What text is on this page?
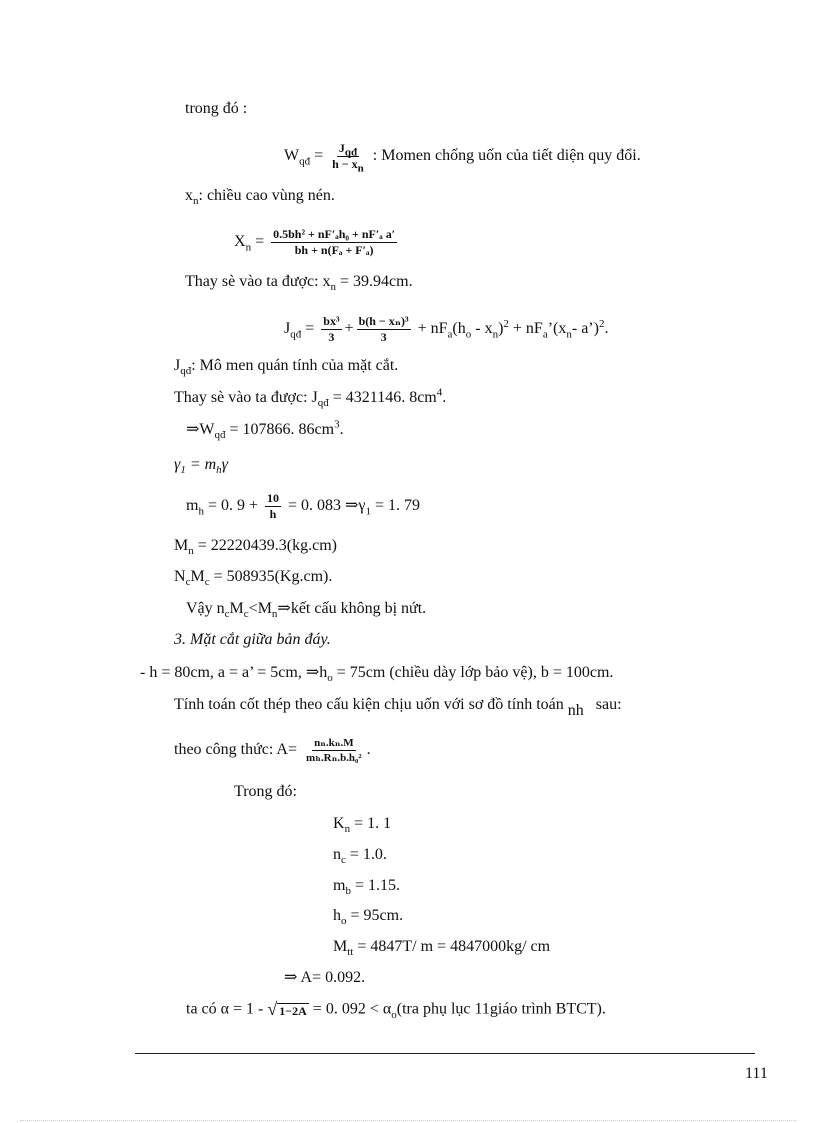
trong đó :
$W_{qđ} = \frac{J_{qđ}}{h - x_n}$ : Momen chống uốn của tiết diện quy đổi.
$x_n$: chiều cao vùng nén.
$X_n = \frac{\text{0.5bh² + nF′ₐh₀ + nF′ₐ a′}}{\text{bh + n(Fₐ + F′ₐ)}}$
Thay sè vào ta được: $x_n = 39.94cm$.
$J_{qđ} = \frac{\text{bx³}}{3} + \frac{\text{b(h − xₙ)³}}{3} + nF_a(h_o - x_n)^2$ + $nF_a’(x_n-$ a’)$^2$.
$J_{qđ}$: Mô men quán tính của mặt cắt.
Thay sè vào ta được: $J_{qđ} = 4321146$. $8cm^4$.
$\Rightarrow W_{qđ} = 107866$. $86cm^3$.
$\gamma_1 = m_h\gamma$
$m_h = 0$. $9 + \frac{10}{h} = 0$. 083 $\Rightarrow\gamma_1 = 1$. 79
$M_n = 22220439.3(kg.cm)$
$N_cM_c = 508935(Kg.cm)$.
Vậy $n_cM_c<M_n\Rightarrow kết$ cấu không bị nứt.
3. Mặt cắt giữa bản đáy.
- h = 80cm, a = a’ = 5cm, $\Rightarrow h_o = 75cm$ (chiều dày lớp bảo vệ), b = 100cm.
Tính toán cốt thép theo cấu kiện chịu uốn với sơ đồ tính toán nh sau:
theo công thức: $A= \frac{\text{nₙ.kₙ.M}}{\text{mₕ.Rₙ.b.h₀²}}$ .
Trong đó:
$K_n = 1$. 1
$n_c = 1.0$.
$m_b = 1.15$.
$h_o = 95cm$.
$M_{tt} = 4847T/$ m = 4847000kg/ cm
⇒ A= 0.092.
ta có α = 1 - √ 1−2A = 0. $092 < \alpha_o(tra$ phụ lục 11giáo trình BTCT).
111
